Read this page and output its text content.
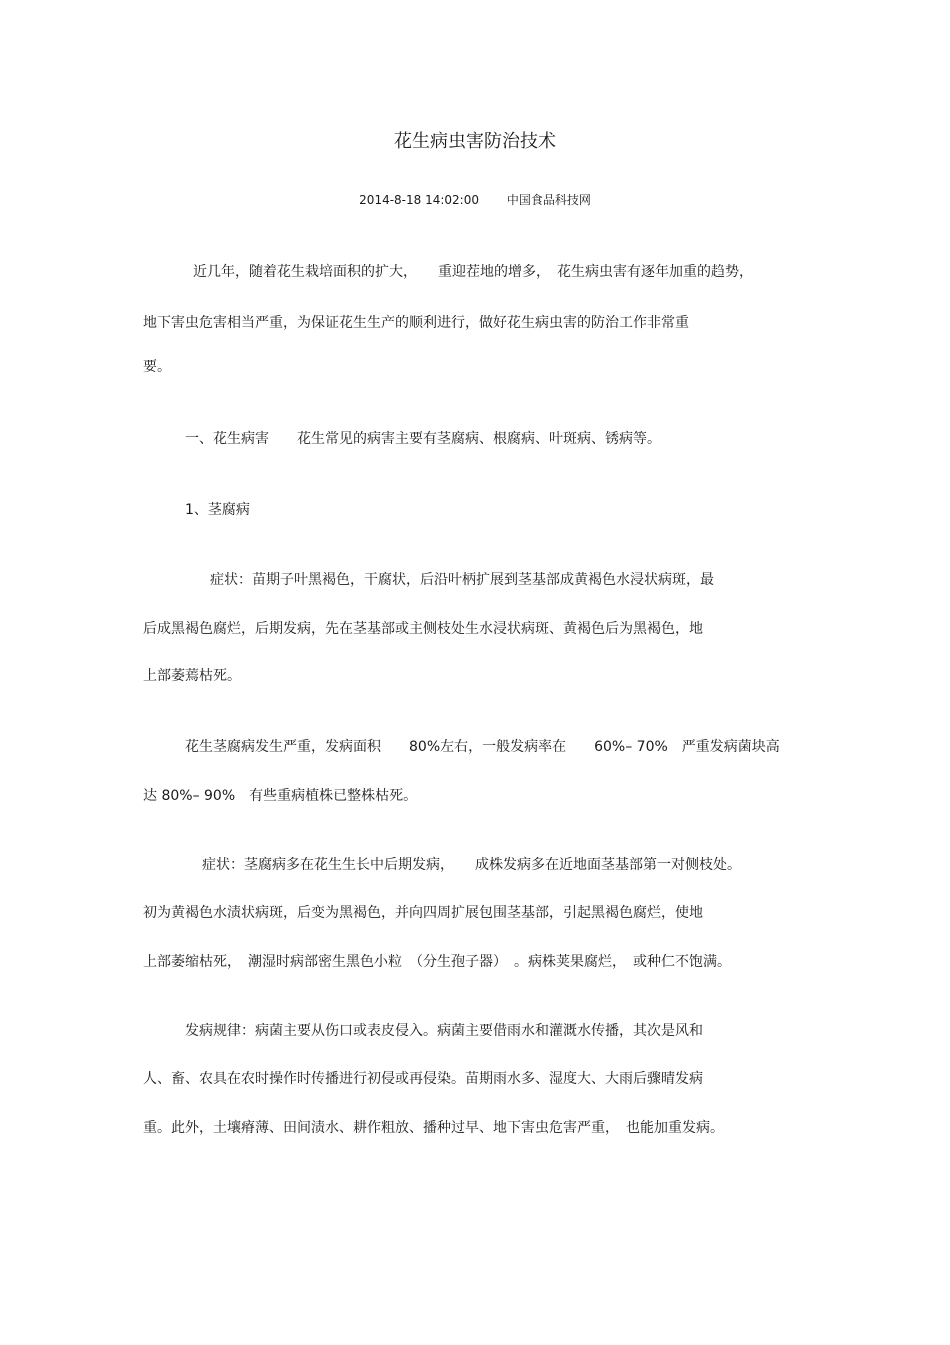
花生病虫害防治技术
2014-8-18 14:02:00 中国食品科技网
近几年，随着花生栽培面积的扩大，　　重迎茬地的增多，　花生病虫害有逐年加重的趋势，
地下害虫危害相当严重，为保证花生生产的顺利进行，做好花生病虫害的防治工作非常重
要。
一、花生病害　　花生常见的病害主要有茎腐病、根腐病、叶斑病、锈病等。
1、茎腐病
症状：苗期子叶黑褐色，干腐状，后沿叶柄扩展到茎基部成黄褐色水浸状病斑，最
后成黑褐色腐烂，后期发病，先在茎基部或主侧枝处生水浸状病斑、黄褐色后为黑褐色，地
上部萎蔫枯死。
花生茎腐病发生严重，发病面积　　80%左右，一般发病率在　　60%– 70%　严重发病菌块高
达 80%– 90%　有些重病植株已整株枯死。
症状：茎腐病多在花生生长中后期发病，　　成株发病多在近地面茎基部第一对侧枝处。
初为黄褐色水渍状病斑，后变为黑褐色，并向四周扩展包围茎基部，引起黑褐色腐烂，使地
上部萎缩枯死，　潮湿时病部密生黑色小粒　（分生孢子器）　。病株荚果腐烂，　或种仁不饱满。
发病规律：病菌主要从伤口或表皮侵入。病菌主要借雨水和灌溉水传播，其次是风和
人、畜、农具在农时操作时传播进行初侵或再侵染。苗期雨水多、湿度大、大雨后骤晴发病
重。此外，土壤瘠薄、田间渍水、耕作粗放、播种过早、地下害虫危害严重，　也能加重发病。
